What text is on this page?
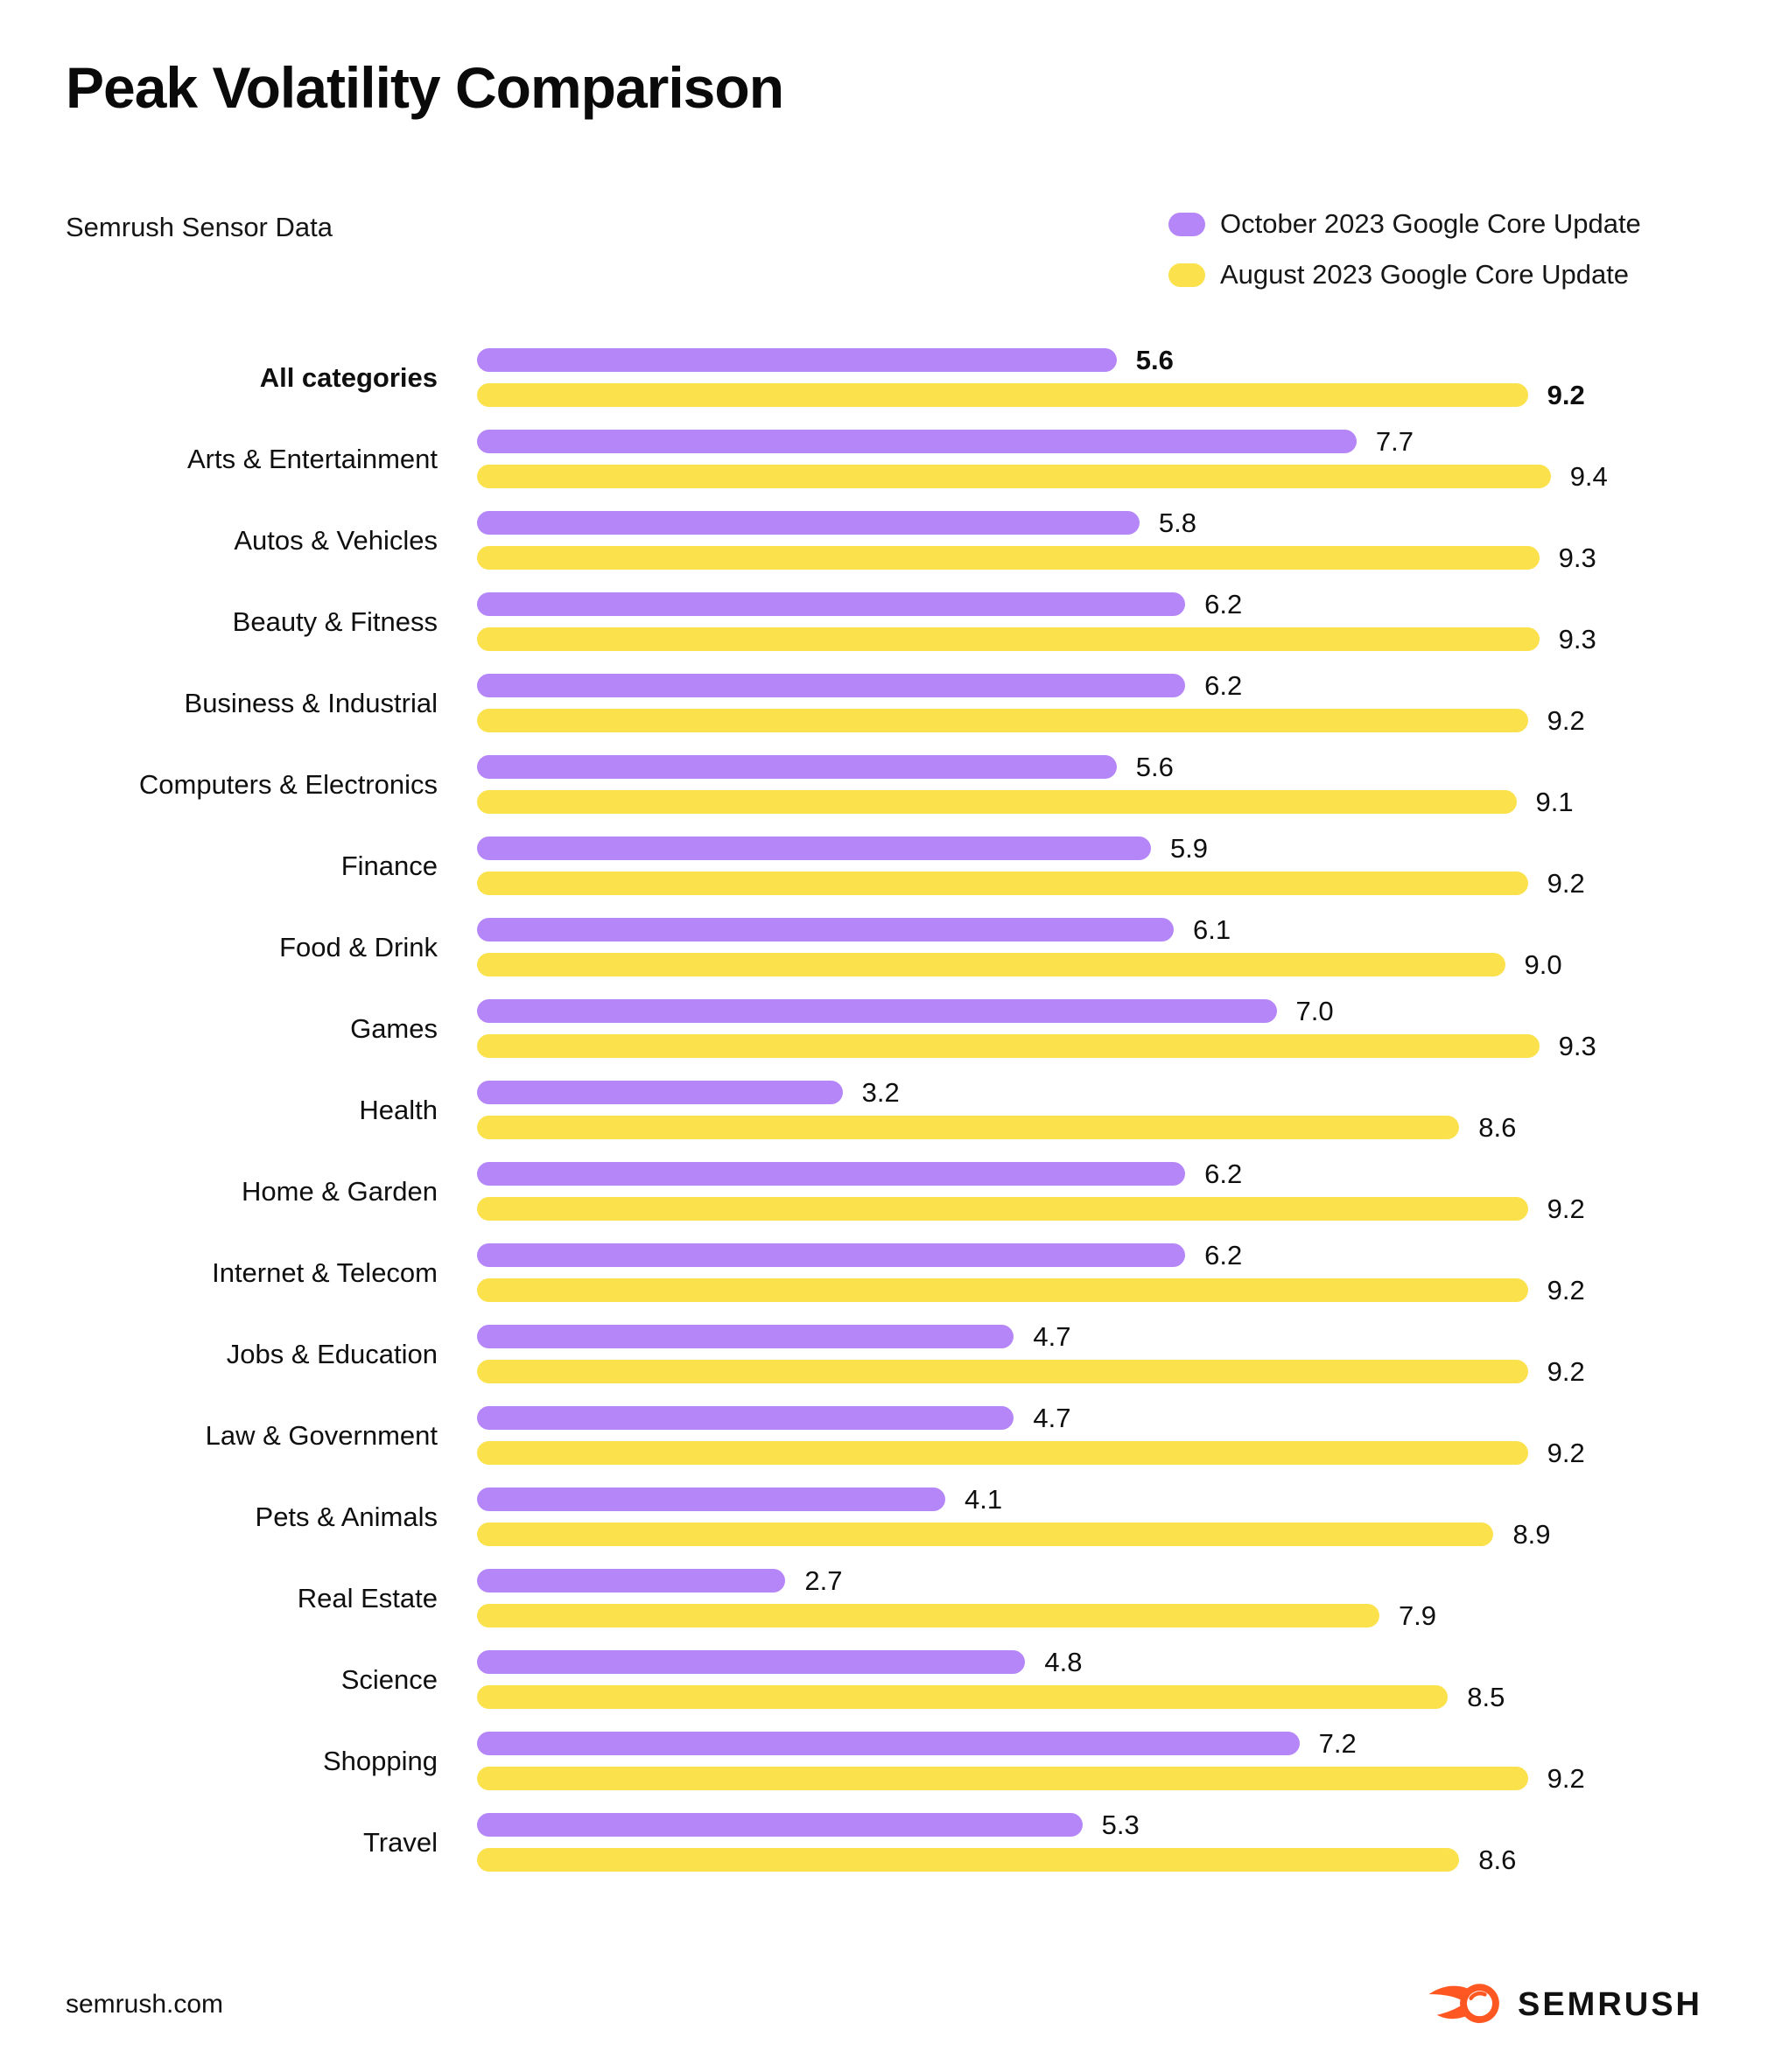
Peak Volatility Comparison
Semrush Sensor Data	October 2023 Google Core Update
August 2023 Google Core Update
All categories
5.6
9.2
Arts & Entertainment
7.7
9.4
Autos & Vehicles
5.8
9.3
Beauty & Fitness
6.2
9.3
Business & Industrial
6.2
9.2
Computers & Electronics
5.6
9.1
Finance
5.9
9.2
Food & Drink
6.1
9.0
Games
7.0
9.3
Health
3.2
8.6
Home & Garden
6.2
9.2
Internet & Telecom
6.2
9.2
Jobs & Education
4.7
9.2
Law & Government
4.7
9.2
Pets & Animals
4.1
8.9
Real Estate
2.7
7.9
Science
4.8
8.5
Shopping
7.2
9.2
Travel
5.3
8.6
semrush.com	SEMRUSH
